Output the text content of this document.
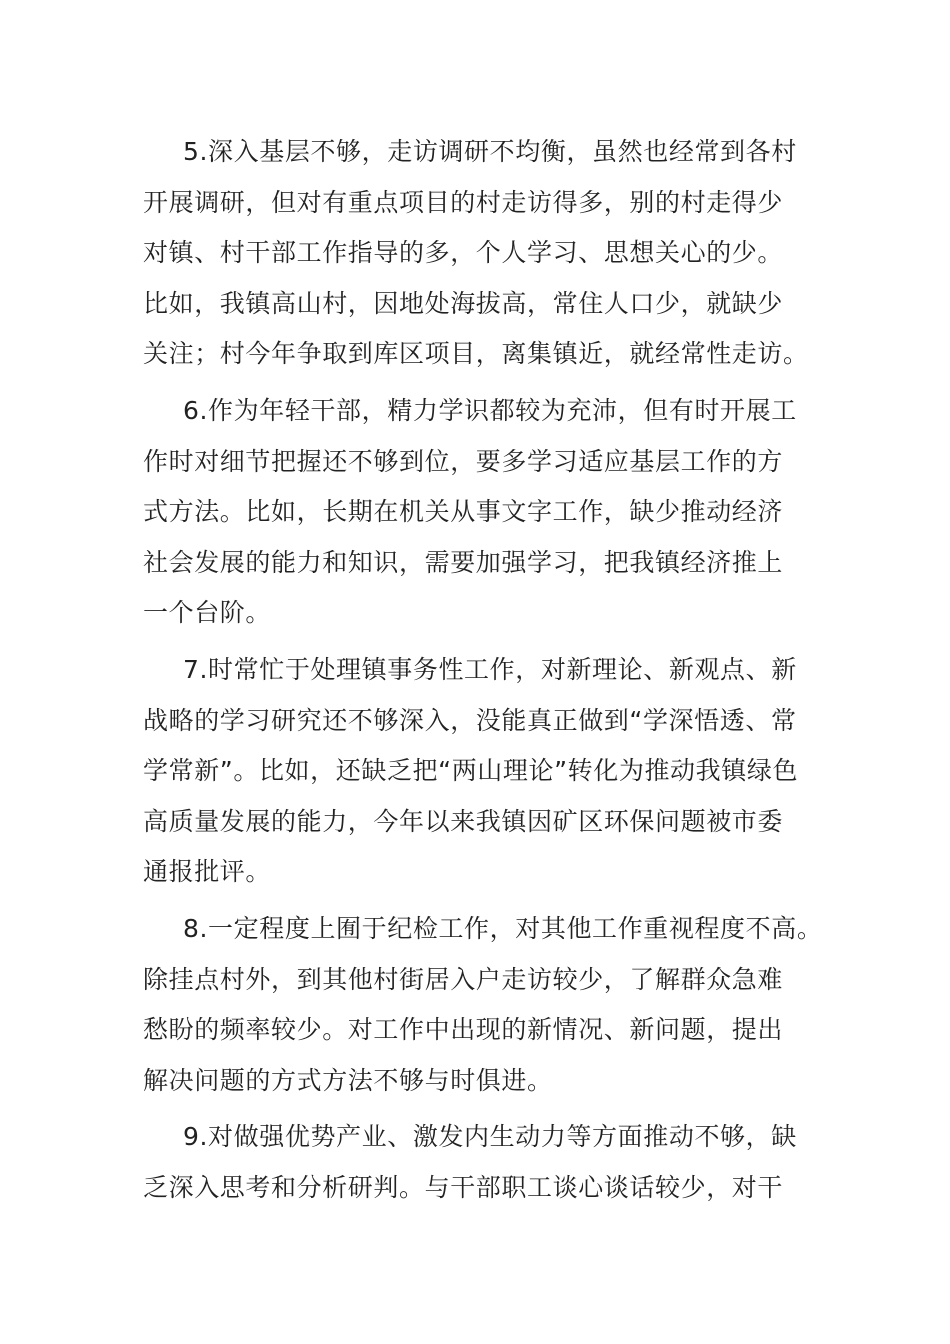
5.深入基层不够，走访调研不均衡，虽然也经常到各村
开展调研，但对有重点项目的村走访得多，别的村走得少
对镇、村干部工作指导的多，个人学习、思想关心的少。
比如，我镇高山村，因地处海拔高，常住人口少，就缺少
关注；村今年争取到库区项目，离集镇近，就经常性走访。

6.作为年轻干部，精力学识都较为充沛，但有时开展工
作时对细节把握还不够到位，要多学习适应基层工作的方
式方法。比如，长期在机关从事文字工作，缺少推动经济
社会发展的能力和知识，需要加强学习，把我镇经济推上
一个台阶。

7.时常忙于处理镇事务性工作，对新理论、新观点、新
战略的学习研究还不够深入，没能真正做到“学深悟透、常
学常新”。比如，还缺乏把“两山理论”转化为推动我镇绿色
高质量发展的能力，今年以来我镇因矿区环保问题被市委
通报批评。

8.一定程度上囿于纪检工作，对其他工作重视程度不高。
除挂点村外，到其他村街居入户走访较少，了解群众急难
愁盼的频率较少。对工作中出现的新情况、新问题，提出
解决问题的方式方法不够与时俱进。

9.对做强优势产业、激发内生动力等方面推动不够，缺
乏深入思考和分析研判。与干部职工谈心谈话较少，对干
